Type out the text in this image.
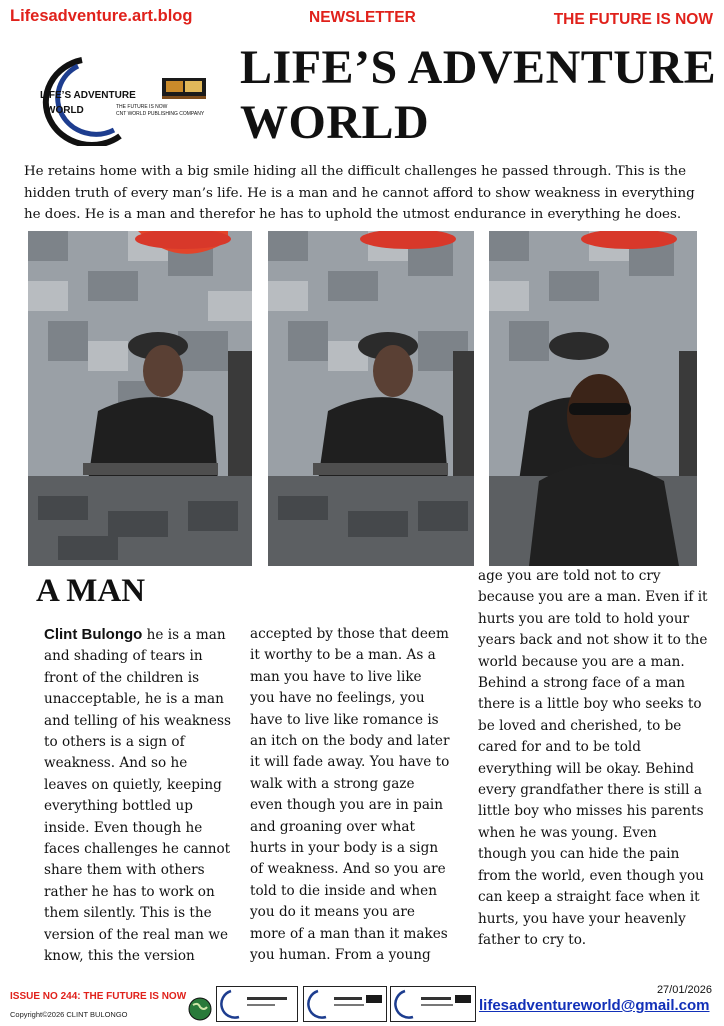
Lifesadventure.art.blog	NEWSLETTER	THE FUTURE IS NOW
LIFE’S ADVENTURE
WORLD	THE FUTURE IS NOW
CNT WORLD PUBLISHING COMPANY
LIFE’S ADVENTURE
WORLD

He retains home with a big smile hiding all the difficult challenges he passed through. This is the hidden truth of every man’s life. He is a man and he cannot afford to show weakness in everything he does. He is a man and therefor he has to uphold the utmost endurance in everything he does.

A MAN

Clint Bulongo he is a man and shading of tears in front of the children is unacceptable, he is a man and telling of his weakness to others is a sign of weakness. And so he leaves on quietly, keeping everything bottled up inside. Even though he faces challenges he cannot share them with others rather he has to work on them silently. This is the version of the real man we know, this the version

accepted by those that deem it worthy to be a man. As a man you have to live like you have no feelings, you have to live like romance is an itch on the body and later it will fade away. You have to walk with a strong gaze even though you are in pain and groaning over what hurts in your body is a sign of weakness. And so you are told to die inside and when you do it means you are more of a man than it makes you human. From a young

age you are told not to cry because you are a man. Even if it hurts you are told to hold your years back and not show it to the world because you are a man. Behind a strong face of a man there is a little boy who seeks to be loved and cherished, to be cared for and to be told everything will be okay. Behind every grandfather there is still a little boy who misses his parents when he was young. Even though you can hide the pain from the world, even though you can keep a straight face when it hurts, you have your heavenly father to cry to.

ISSUE NO 244: THE FUTURE IS NOW
Copyright©2026 CLINT BULONGO
27/01/2026
lifesadventureworld@gmail.com
